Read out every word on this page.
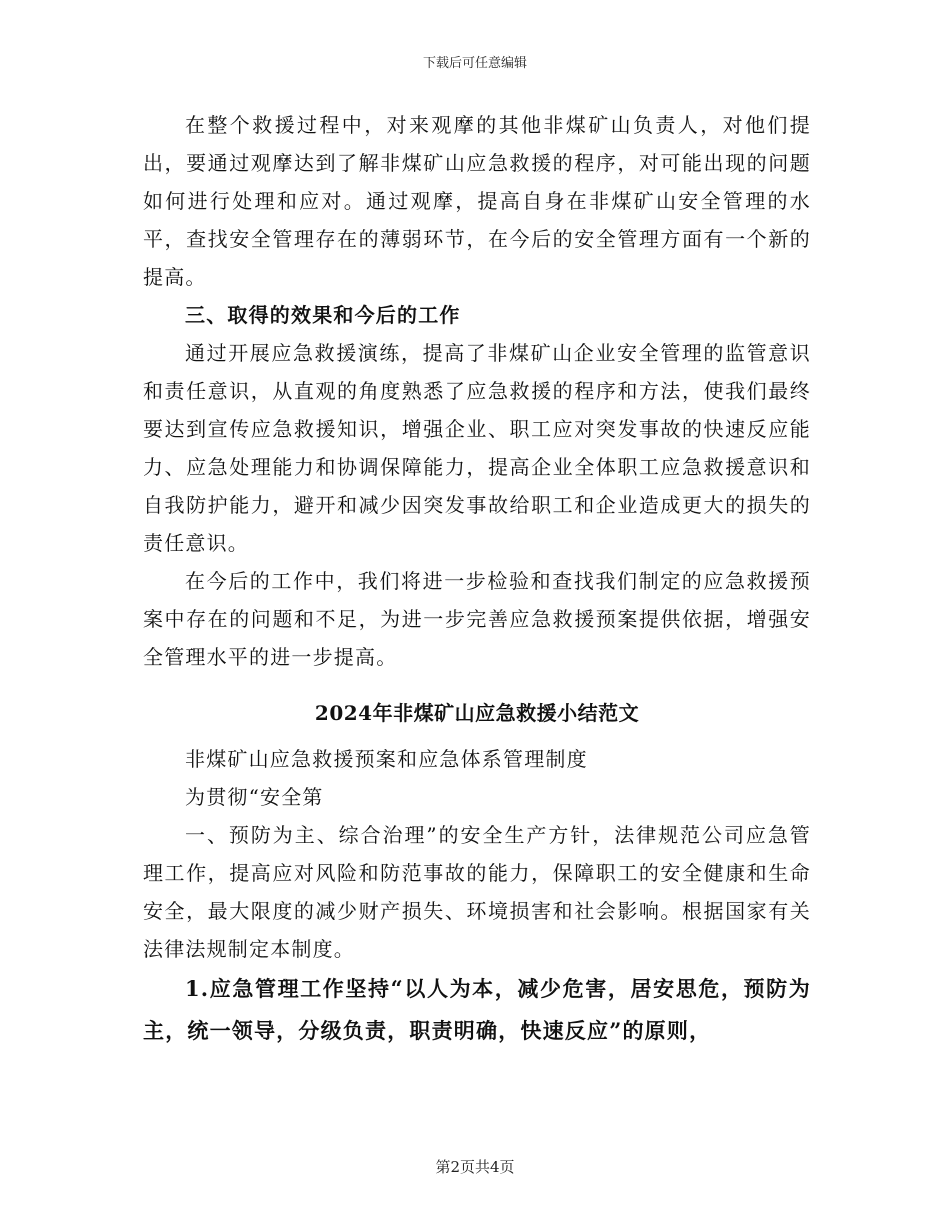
下载后可任意编辑

在整个救援过程中，对来观摩的其他非煤矿山负责人，对他们提出，要通过观摩达到了解非煤矿山应急救援的程序，对可能出现的问题如何进行处理和应对。通过观摩，提高自身在非煤矿山安全管理的水平，查找安全管理存在的薄弱环节，在今后的安全管理方面有一个新的提高。

三、取得的效果和今后的工作

通过开展应急救援演练，提高了非煤矿山企业安全管理的监管意识和责任意识，从直观的角度熟悉了应急救援的程序和方法，使我们最终要达到宣传应急救援知识，增强企业、职工应对突发事故的快速反应能力、应急处理能力和协调保障能力，提高企业全体职工应急救援意识和自我防护能力，避开和减少因突发事故给职工和企业造成更大的损失的责任意识。

在今后的工作中，我们将进一步检验和查找我们制定的应急救援预案中存在的问题和不足，为进一步完善应急救援预案提供依据，增强安全管理水平的进一步提高。

2024年非煤矿山应急救援小结范文

非煤矿山应急救援预案和应急体系管理制度

为贯彻“安全第

一、预防为主、综合治理”的安全生产方针，法律规范公司应急管理工作，提高应对风险和防范事故的能力，保障职工的安全健康和生命安全，最大限度的减少财产损失、环境损害和社会影响。根据国家有关法律法规制定本制度。

1.应急管理工作坚持“以人为本，减少危害，居安思危，预防为主，统一领导，分级负责，职责明确，快速反应”的原则，

第2页共4页
